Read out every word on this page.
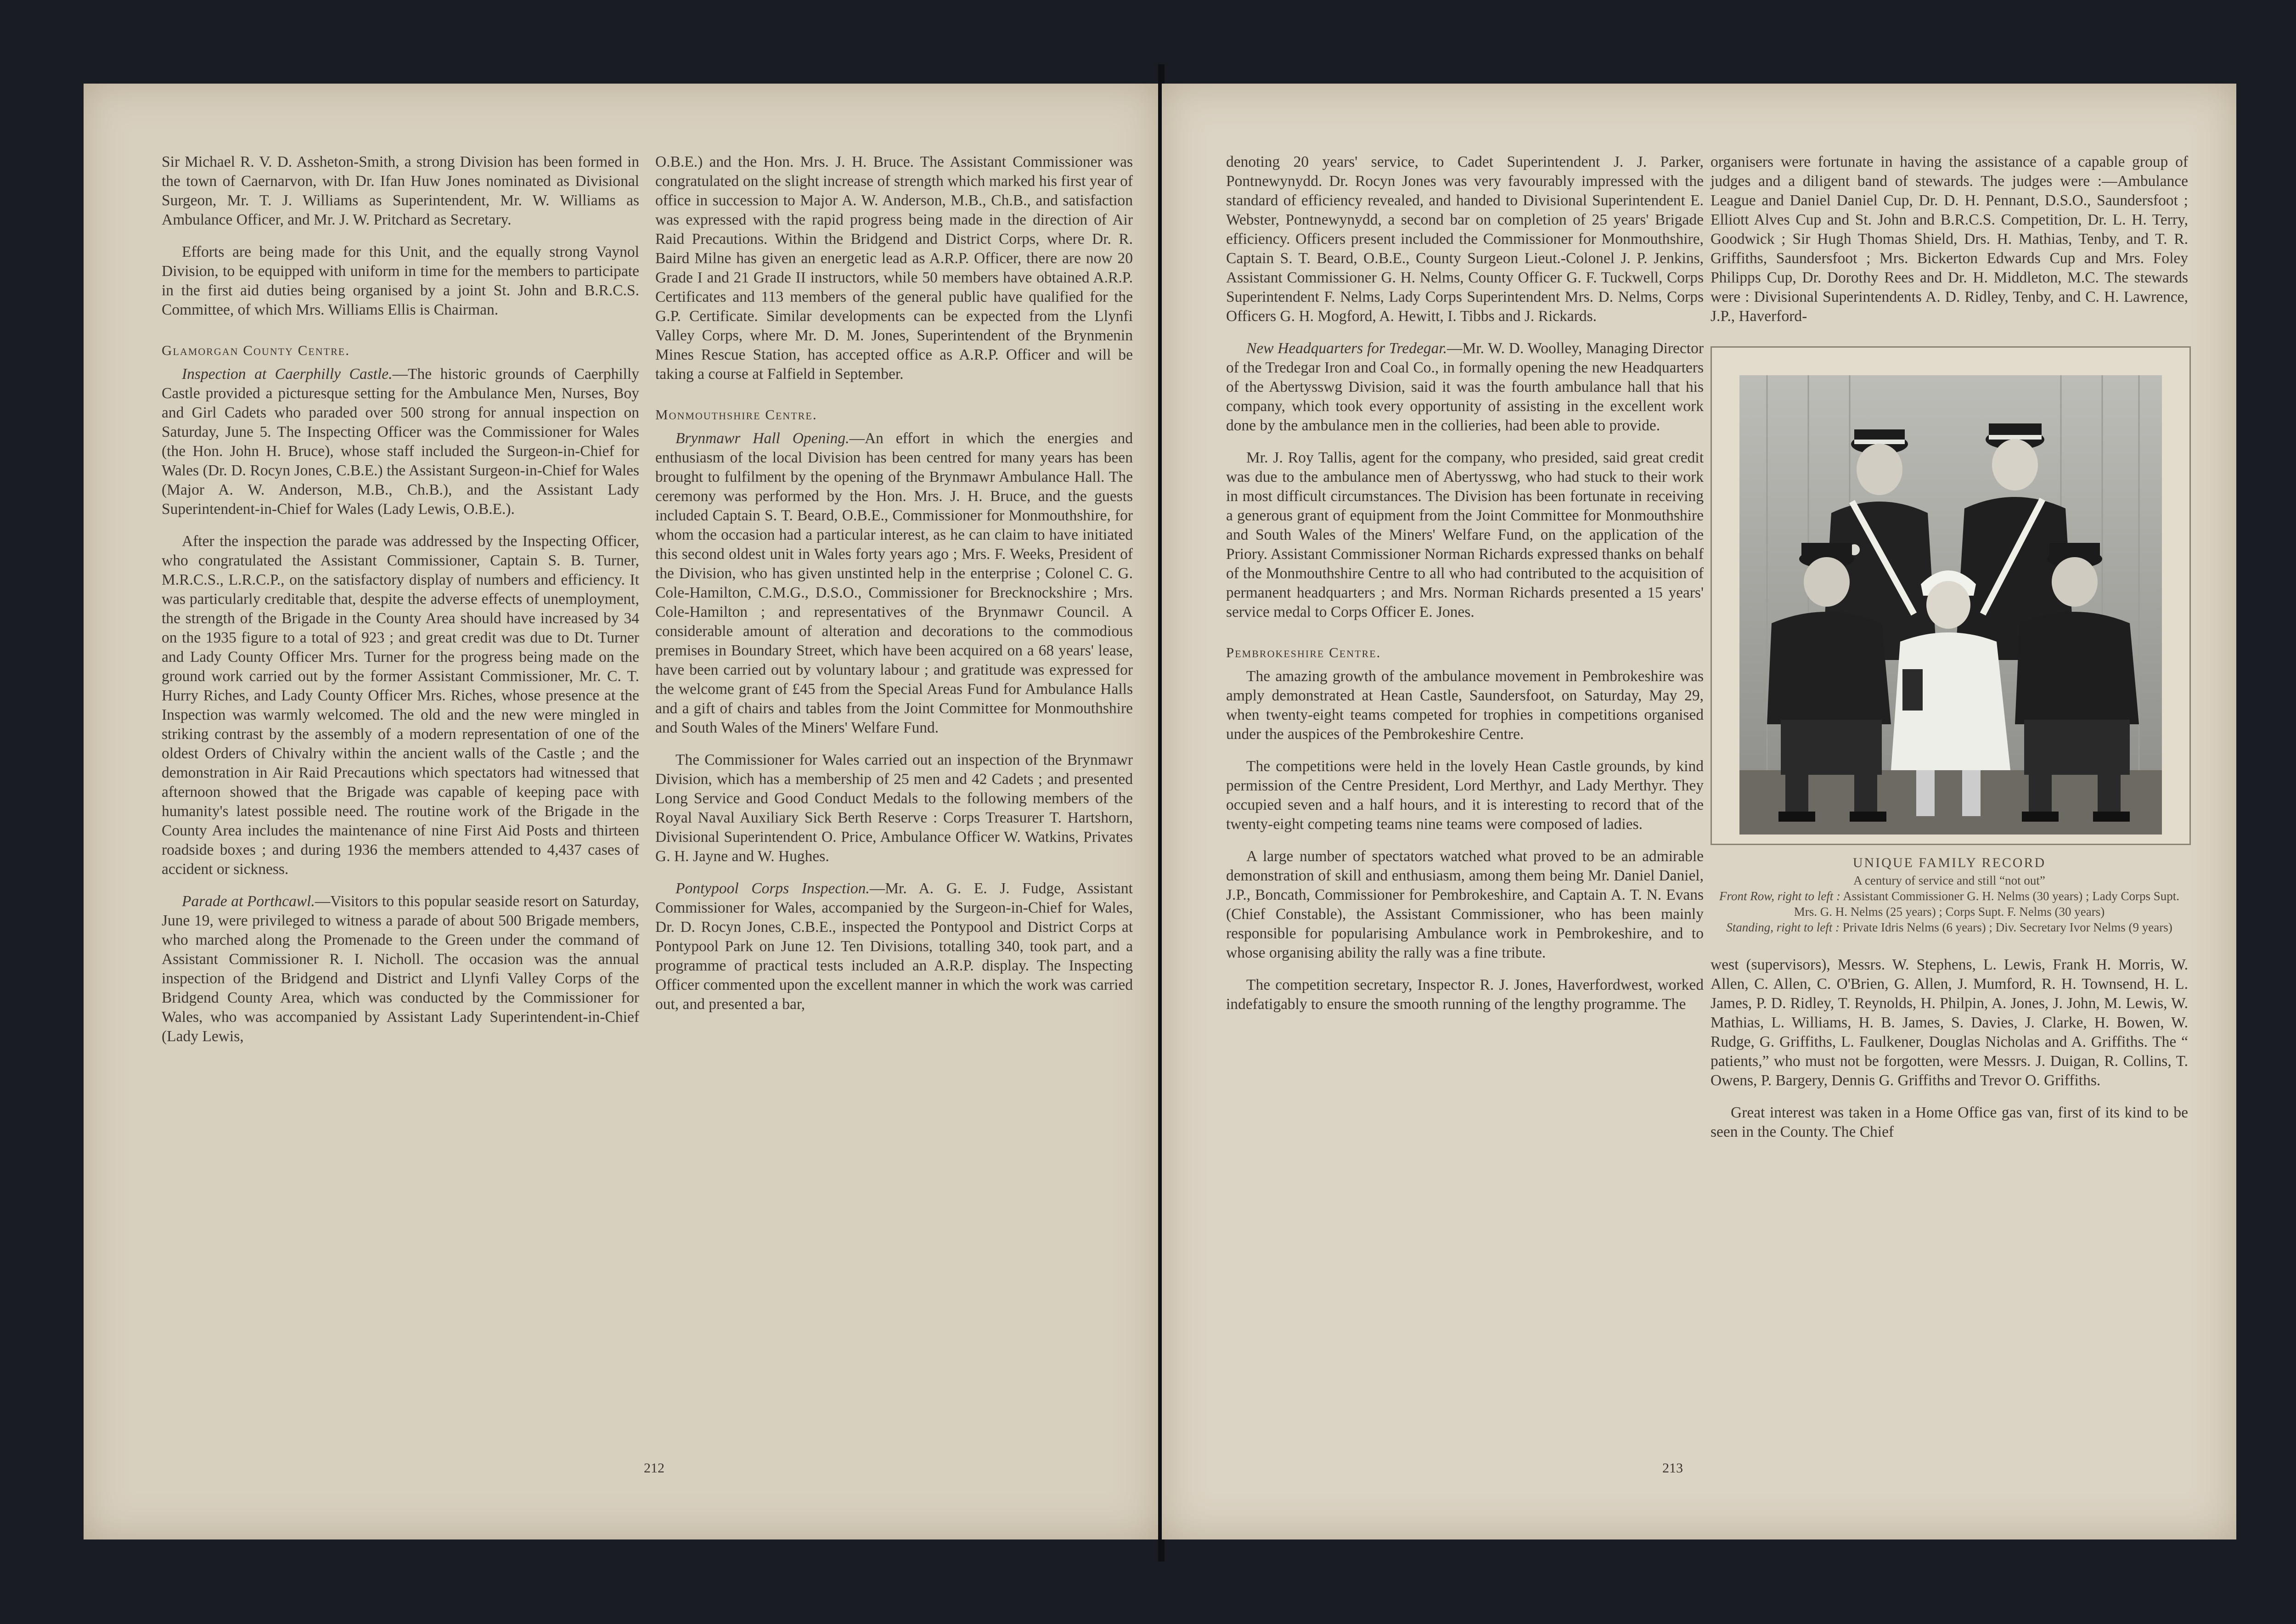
Sir Michael R. V. D. Assheton-Smith, a strong Division has been formed in the town of Caernarvon, with Dr. Ifan Huw Jones nominated as Divisional Surgeon, Mr. T. J. Williams as Superintendent, Mr. W. Williams as Ambulance Officer, and Mr. J. W. Pritchard as Secretary.

Efforts are being made for this Unit, and the equally strong Vaynol Division, to be equipped with uniform in time for the members to participate in the first aid duties being organised by a joint St. John and B.R.C.S. Committee, of which Mrs. Williams Ellis is Chairman.

Glamorgan County Centre.

Inspection at Caerphilly Castle.—The historic grounds of Caerphilly Castle provided a picturesque setting for the Ambulance Men, Nurses, Boy and Girl Cadets who paraded over 500 strong for annual inspection on Saturday, June 5. The Inspecting Officer was the Commissioner for Wales (the Hon. John H. Bruce), whose staff included the Surgeon-in-Chief for Wales (Dr. D. Rocyn Jones, C.B.E.) the Assistant Surgeon-in-Chief for Wales (Major A. W. Anderson, M.B., Ch.B.), and the Assistant Lady Superintendent-in-Chief for Wales (Lady Lewis, O.B.E.).

After the inspection the parade was addressed by the Inspecting Officer, who congratulated the Assistant Commissioner, Captain S. B. Turner, M.R.C.S., L.R.C.P., on the satisfactory display of numbers and efficiency. It was particularly creditable that, despite the adverse effects of unemployment, the strength of the Brigade in the County Area should have increased by 34 on the 1935 figure to a total of 923 ; and great credit was due to Dt. Turner and Lady County Officer Mrs. Turner for the progress being made on the ground work carried out by the former Assistant Commissioner, Mr. C. T. Hurry Riches, and Lady County Officer Mrs. Riches, whose presence at the Inspection was warmly welcomed. The old and the new were mingled in striking contrast by the assembly of a modern representation of one of the oldest Orders of Chivalry within the ancient walls of the Castle ; and the demonstration in Air Raid Precautions which spectators had witnessed that afternoon showed that the Brigade was capable of keeping pace with humanity's latest possible need. The routine work of the Brigade in the County Area includes the maintenance of nine First Aid Posts and thirteen roadside boxes ; and during 1936 the members attended to 4,437 cases of accident or sickness.

Parade at Porthcawl.—Visitors to this popular seaside resort on Saturday, June 19, were privileged to witness a parade of about 500 Brigade members, who marched along the Promenade to the Green under the command of Assistant Commissioner R. I. Nicholl. The occasion was the annual inspection of the Bridgend and District and Llynfi Valley Corps of the Bridgend County Area, which was conducted by the Commissioner for Wales, who was accompanied by Assistant Lady Superintendent-in-Chief (Lady Lewis,

O.B.E.) and the Hon. Mrs. J. H. Bruce. The Assistant Commissioner was congratulated on the slight increase of strength which marked his first year of office in succession to Major A. W. Anderson, M.B., Ch.B., and satisfaction was expressed with the rapid progress being made in the direction of Air Raid Precautions. Within the Bridgend and District Corps, where Dr. R. Baird Milne has given an energetic lead as A.R.P. Officer, there are now 20 Grade I and 21 Grade II instructors, while 50 members have obtained A.R.P. Certificates and 113 members of the general public have qualified for the G.P. Certificate. Similar developments can be expected from the Llynfi Valley Corps, where Mr. D. M. Jones, Superintendent of the Brynmenin Mines Rescue Station, has accepted office as A.R.P. Officer and will be taking a course at Falfield in September.

Monmouthshire Centre.

Brynmawr Hall Opening.—An effort in which the energies and enthusiasm of the local Division has been centred for many years has been brought to fulfilment by the opening of the Brynmawr Ambulance Hall. The ceremony was performed by the Hon. Mrs. J. H. Bruce, and the guests included Captain S. T. Beard, O.B.E., Commissioner for Monmouthshire, for whom the occasion had a particular interest, as he can claim to have initiated this second oldest unit in Wales forty years ago ; Mrs. F. Weeks, President of the Division, who has given unstinted help in the enterprise ; Colonel C. G. Cole-Hamilton, C.M.G., D.S.O., Commissioner for Brecknockshire ; Mrs. Cole-Hamilton ; and representatives of the Brynmawr Council. A considerable amount of alteration and decorations to the commodious premises in Boundary Street, which have been acquired on a 68 years' lease, have been carried out by voluntary labour ; and gratitude was expressed for the welcome grant of £45 from the Special Areas Fund for Ambulance Halls and a gift of chairs and tables from the Joint Committee for Monmouthshire and South Wales of the Miners' Welfare Fund.

The Commissioner for Wales carried out an inspection of the Brynmawr Division, which has a membership of 25 men and 42 Cadets ; and presented Long Service and Good Conduct Medals to the following members of the Royal Naval Auxiliary Sick Berth Reserve : Corps Treasurer T. Hartshorn, Divisional Superintendent O. Price, Ambulance Officer W. Watkins, Privates G. H. Jayne and W. Hughes.

Pontypool Corps Inspection.—Mr. A. G. E. J. Fudge, Assistant Commissioner for Wales, accompanied by the Surgeon-in-Chief for Wales, Dr. D. Rocyn Jones, C.B.E., inspected the Pontypool and District Corps at Pontypool Park on June 12. Ten Divisions, totalling 340, took part, and a programme of practical tests included an A.R.P. display. The Inspecting Officer commented upon the excellent manner in which the work was carried out, and presented a bar,

212

denoting 20 years' service, to Cadet Superintendent J. J. Parker, Pontnewynydd. Dr. Rocyn Jones was very favourably impressed with the standard of efficiency revealed, and handed to Divisional Superintendent E. Webster, Pontnewynydd, a second bar on completion of 25 years' Brigade efficiency. Officers present included the Commissioner for Monmouthshire, Captain S. T. Beard, O.B.E., County Surgeon Lieut.-Colonel J. P. Jenkins, Assistant Commissioner G. H. Nelms, County Officer G. F. Tuckwell, Corps Superintendent F. Nelms, Lady Corps Superintendent Mrs. D. Nelms, Corps Officers G. H. Mogford, A. Hewitt, I. Tibbs and J. Rickards.

New Headquarters for Tredegar.—Mr. W. D. Woolley, Managing Director of the Tredegar Iron and Coal Co., in formally opening the new Headquarters of the Abertysswg Division, said it was the fourth ambulance hall that his company, which took every opportunity of assisting in the excellent work done by the ambulance men in the collieries, had been able to provide.

Mr. J. Roy Tallis, agent for the company, who presided, said great credit was due to the ambulance men of Abertysswg, who had stuck to their work in most difficult circumstances. The Division has been fortunate in receiving a generous grant of equipment from the Joint Committee for Monmouthshire and South Wales of the Miners' Welfare Fund, on the application of the Priory. Assistant Commissioner Norman Richards expressed thanks on behalf of the Monmouthshire Centre to all who had contributed to the acquisition of permanent headquarters ; and Mrs. Norman Richards presented a 15 years' service medal to Corps Officer E. Jones.

Pembrokeshire Centre.

The amazing growth of the ambulance movement in Pembrokeshire was amply demonstrated at Hean Castle, Saundersfoot, on Saturday, May 29, when twenty-eight teams competed for trophies in competitions organised under the auspices of the Pembrokeshire Centre.

The competitions were held in the lovely Hean Castle grounds, by kind permission of the Centre President, Lord Merthyr, and Lady Merthyr. They occupied seven and a half hours, and it is interesting to record that of the twenty-eight competing teams nine teams were composed of ladies.

A large number of spectators watched what proved to be an admirable demonstration of skill and enthusiasm, among them being Mr. Daniel Daniel, J.P., Boncath, Commissioner for Pembrokeshire, and Captain A. T. N. Evans (Chief Constable), the Assistant Commissioner, who has been mainly responsible for popularising Ambulance work in Pembrokeshire, and to whose organising ability the rally was a fine tribute.

The competition secretary, Inspector R. J. Jones, Haverfordwest, worked indefatigably to ensure the smooth running of the lengthy programme. The

organisers were fortunate in having the assistance of a capable group of judges and a diligent band of stewards. The judges were :—Ambulance League and Daniel Daniel Cup, Dr. D. H. Pennant, D.S.O., Saundersfoot ; Elliott Alves Cup and St. John and B.R.C.S. Competition, Dr. L. H. Terry, Goodwick ; Sir Hugh Thomas Shield, Drs. H. Mathias, Tenby, and T. R. Griffiths, Saundersfoot ; Mrs. Bickerton Edwards Cup and Mrs. Foley Philipps Cup, Dr. Dorothy Rees and Dr. H. Middleton, M.C. The stewards were : Divisional Superintendents A. D. Ridley, Tenby, and C. H. Lawrence, J.P., Haverford-

UNIQUE FAMILY RECORD
A century of service and still “not out”
Front Row, right to left : Assistant Commissioner G. H. Nelms (30 years) ; Lady Corps Supt. Mrs. G. H. Nelms (25 years) ; Corps Supt. F. Nelms (30 years)
Standing, right to left : Private Idris Nelms (6 years) ; Div. Secretary Ivor Nelms (9 years)

west (supervisors), Messrs. W. Stephens, L. Lewis, Frank H. Morris, W. Allen, C. Allen, C. O'Brien, G. Allen, J. Mumford, R. H. Townsend, H. L. James, P. D. Ridley, T. Reynolds, H. Philpin, A. Jones, J. John, M. Lewis, W. Mathias, L. Williams, H. B. James, S. Davies, J. Clarke, H. Bowen, W. Rudge, G. Griffiths, L. Faulkener, Douglas Nicholas and A. Griffiths. The “ patients,” who must not be forgotten, were Messrs. J. Duigan, R. Collins, T. Owens, P. Bargery, Dennis G. Griffiths and Trevor O. Griffiths.

Great interest was taken in a Home Office gas van, first of its kind to be seen in the County. The Chief

213
